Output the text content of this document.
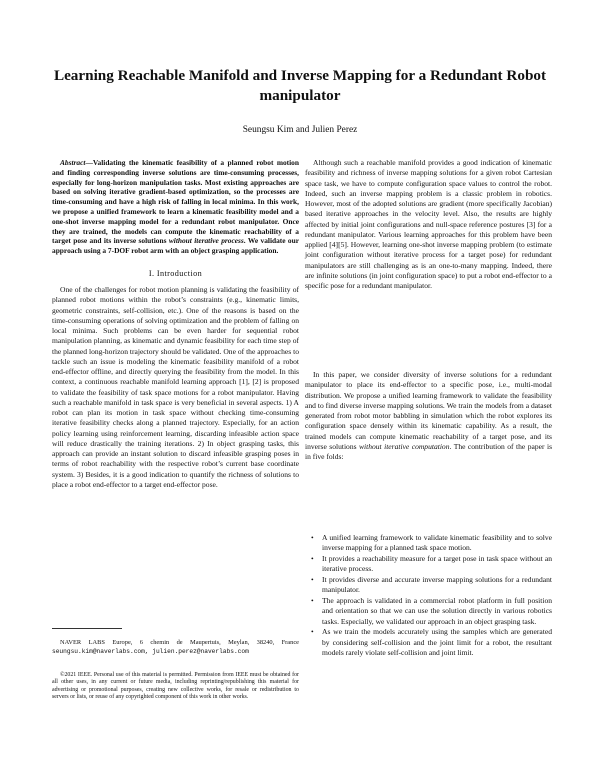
Learning Reachable Manifold and Inverse Mapping for a Redundant Robot manipulator
Seungsu Kim and Julien Perez

Abstract—Validating the kinematic feasibility of a planned robot motion and finding corresponding inverse solutions are time-consuming processes, especially for long-horizon manipulation tasks. Most existing approaches are based on solving iterative gradient-based optimization, so the processes are time-consuming and have a high risk of falling in local minima. In this work, we propose a unified framework to learn a kinematic feasibility model and a one-shot inverse mapping model for a redundant robot manipulator. Once they are trained, the models can compute the kinematic reachability of a target pose and its inverse solutions without iterative process. We validate our approach using a 7-DOF robot arm with an object grasping application.

I. Introduction

One of the challenges for robot motion planning is validating the feasibility of planned robot motions within the robot’s constraints (e.g., kinematic limits, geometric constraints, self-collision, etc.). One of the reasons is based on the time-consuming operations of solving optimization and the problem of falling on local minima. Such problems can be even harder for sequential robot manipulation planning, as kinematic and dynamic feasibility for each time step of the planned long-horizon trajectory should be validated. One of the approaches to tackle such an issue is modeling the kinematic feasibility manifold of a robot end-effector offline, and directly querying the feasibility from the model. In this context, a continuous reachable manifold learning approach [1], [2] is proposed to validate the feasibility of task space motions for a robot manipulator. Having such a reachable manifold in task space is very beneficial in several aspects. 1) A robot can plan its motion in task space without checking time-consuming iterative feasibility checks along a planned trajectory. Especially, for an action policy learning using reinforcement learning, discarding infeasible action space will reduce drastically the training iterations. 2) In object grasping tasks, this approach can provide an instant solution to discard infeasible grasping poses in terms of robot reachability with the respective robot’s current base coordinate system. 3) Besides, it is a good indication to quantify the richness of solutions to place a robot end-effector to a target end-effector pose.

NAVER LABS Europe, 6 chemin de Maupertuis, Meylan, 38240, France seungsu.kim@naverlabs.com, julien.perez@naverlabs.com

©2021 IEEE. Personal use of this material is permitted. Permission from IEEE must be obtained for all other uses, in any current or future media, including reprinting/republishing this material for advertising or promotional purposes, creating new collective works, for resale or redistribution to servers or lists, or reuse of any copyrighted component of this work in other works.

Although such a reachable manifold provides a good indication of kinematic feasibility and richness of inverse mapping solutions for a given robot Cartesian space task, we have to compute configuration space values to control the robot. Indeed, such an inverse mapping problem is a classic problem in robotics. However, most of the adopted solutions are gradient (more specifically Jacobian) based iterative approaches in the velocity level. Also, the results are highly affected by initial joint configurations and null-space reference postures [3] for a redundant manipulator. Various learning approaches for this problem have been applied [4][5]. However, learning one-shot inverse mapping problem (to estimate joint configuration without iterative process for a target pose) for redundant manipulators are still challenging as is an one-to-many mapping. Indeed, there are infinite solutions (in joint configuration space) to put a robot end-effector to a specific pose for a redundant manipulator.

In this paper, we consider diversity of inverse solutions for a redundant manipulator to place its end-effector to a specific pose, i.e., multi-modal distribution. We propose a unified learning framework to validate the feasibility and to find diverse inverse mapping solutions. We train the models from a dataset generated from robot motor babbling in simulation which the robot explores its configuration space densely within its kinematic capability. As a result, the trained models can compute kinematic reachability of a target pose, and its inverse solutions without iterative computation. The contribution of the paper is in five folds:

• A unified learning framework to validate kinematic feasibility and to solve inverse mapping for a planned task space motion.
• It provides a reachability measure for a target pose in task space without an iterative process.
• It provides diverse and accurate inverse mapping solutions for a redundant manipulator.
• The approach is validated in a commercial robot platform in full position and orientation so that we can use the solution directly in various robotics tasks. Especially, we validated our approach in an object grasping task.
• As we train the models accurately using the samples which are generated by considering self-collision and the joint limit for a robot, the resultant models rarely violate self-collision and joint limit.
